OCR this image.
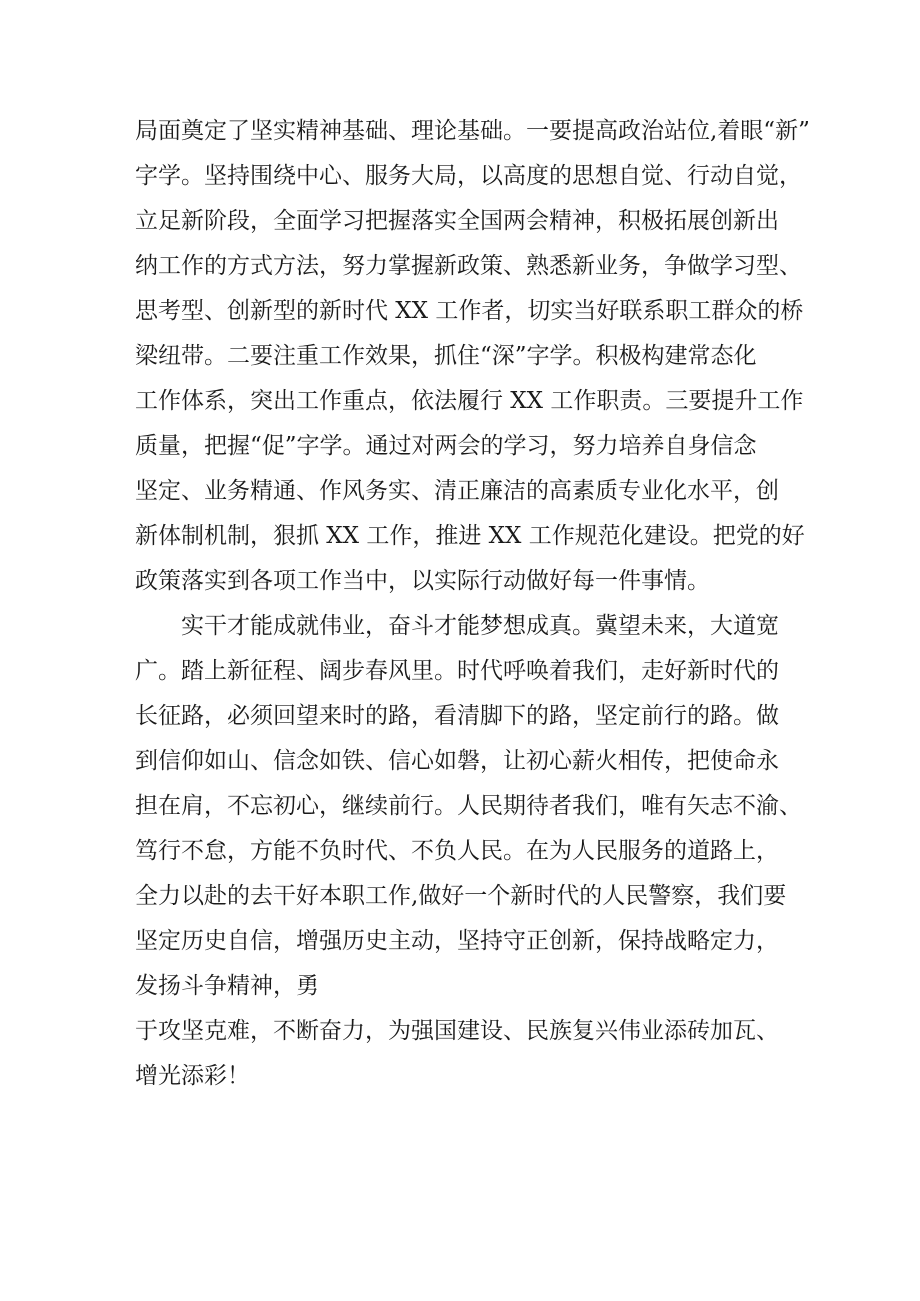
局面奠定了坚实精神基础、理论基础。一要提高政治站位,着眼“新”

字学。坚持围绕中心、服务大局，以高度的思想自觉、行动自觉，

立足新阶段，全面学习把握落实全国两会精神，积极拓展创新出

纳工作的方式方法，努力掌握新政策、熟悉新业务，争做学习型、

思考型、创新型的新时代 XX 工作者，切实当好联系职工群众的桥

梁纽带。二要注重工作效果，抓住“深”字学。积极构建常态化

工作体系，突出工作重点，依法履行 XX 工作职责。三要提升工作

质量，把握“促”字学。通过对两会的学习，努力培养自身信念

坚定、业务精通、作风务实、清正廉洁的高素质专业化水平，创

新体制机制，狠抓 XX 工作，推进 XX 工作规范化建设。把党的好

政策落实到各项工作当中，以实际行动做好每一件事情。

实干才能成就伟业，奋斗才能梦想成真。冀望未来，大道宽

广。踏上新征程、阔步春风里。时代呼唤着我们，走好新时代的

长征路，必须回望来时的路，看清脚下的路，坚定前行的路。做

到信仰如山、信念如铁、信心如磐，让初心薪火相传，把使命永

担在肩，不忘初心，继续前行。人民期待者我们，唯有矢志不渝、

笃行不怠，方能不负时代、不负人民。在为人民服务的道路上，

全力以赴的去干好本职工作,做好一个新时代的人民警察，我们要

坚定历史自信，增强历史主动，坚持守正创新，保持战略定力，

发扬斗争精神，勇

于攻坚克难，不断奋力，为强国建设、民族复兴伟业添砖加瓦、

增光添彩！
